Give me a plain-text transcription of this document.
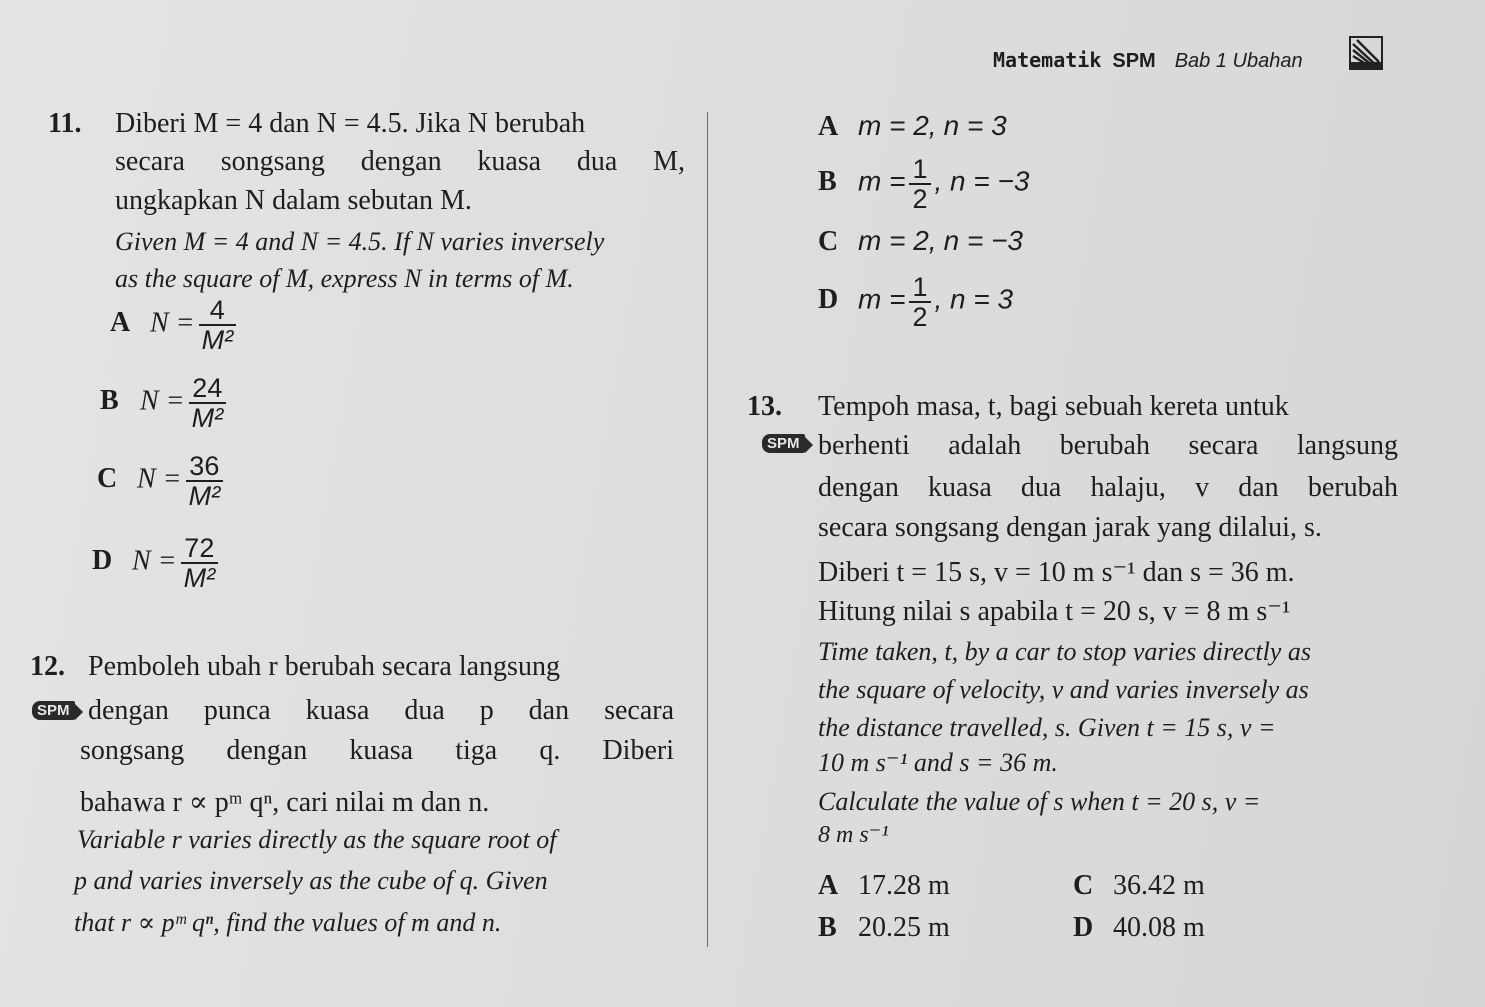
Matematik SPM Bab 1 Ubahan
11. Diberi M = 4 dan N = 4.5. Jika N berubah
secara songsang dengan kuasa dua M,
ungkapkan N dalam sebutan M.
Given M = 4 and N = 4.5. If N varies inversely
as the square of M, express N in terms of M.
A $N = \frac{4}{\text{M²}}$
B $N = \frac{24}{\text{M²}}$
C $N = \frac{36}{\text{M²}}$
D $N = \frac{72}{\text{M²}}$
12. Pemboleh ubah r berubah secara langsung
SPM dengan punca kuasa dua p dan secara
songsang dengan kuasa tiga q. Diberi
bahawa r ∝ pᵐ qⁿ, cari nilai m dan n.
Variable r varies directly as the square root of
p and varies inversely as the cube of q. Given
that r ∝ pᵐ qⁿ, find the values of m and n.
A m = 2, n = 3
B $m = \frac{1}{2}$ , n = −3
C m = 2, n = −3
D $m = \frac{1}{2}$ , n = 3
13. Tempoh masa, t, bagi sebuah kereta untuk
SPM berhenti adalah berubah secara langsung
dengan kuasa dua halaju, v dan berubah
secara songsang dengan jarak yang dilalui, s.
Diberi t = 15 s, v = 10 m s⁻¹ dan s = 36 m.
Hitung nilai s apabila t = 20 s, v = 8 m s⁻¹
Time taken, t, by a car to stop varies directly as
the square of velocity, v and varies inversely as
the distance travelled, s. Given t = 15 s, v =
10 m s⁻¹ and s = 36 m.
Calculate the value of s when t = 20 s, v =
8 m s⁻¹
A 17.28 m
B 20.25 m
C 36.42 m
D 40.08 m
